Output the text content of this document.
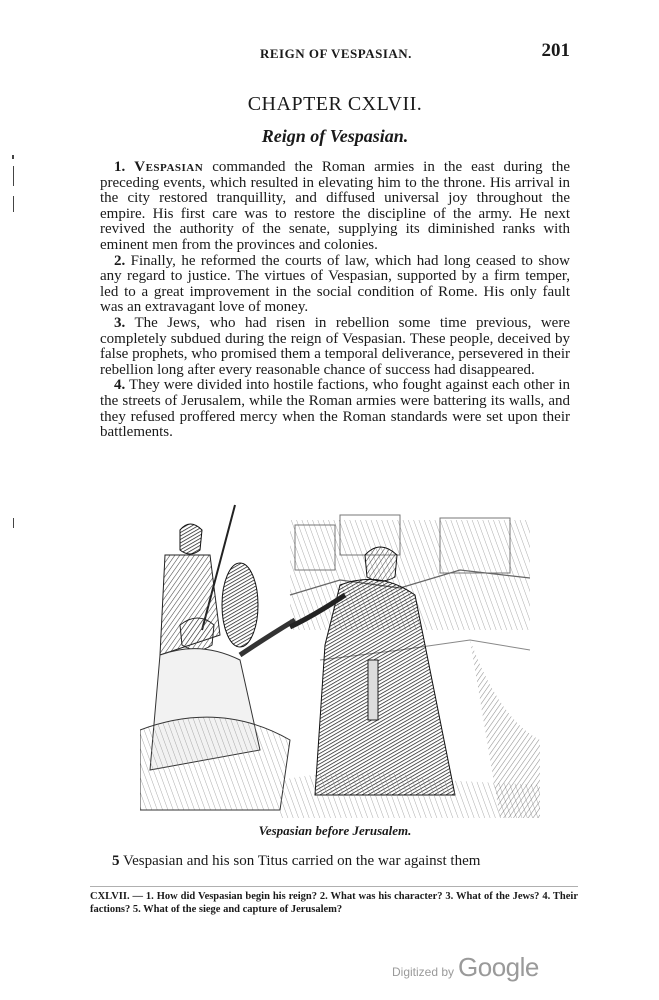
REIGN OF VESPASIAN.	201
CHAPTER CXLVII.
Reign of Vespasian.

1. Vespasian commanded the Roman armies in the east during the preceding events, which resulted in elevating him to the throne. His arrival in the city restored tranquillity, and diffused universal joy throughout the empire. His first care was to restore the discipline of the army. He next revived the authority of the senate, supplying its diminished ranks with eminent men from the provinces and colonies.

2. Finally, he reformed the courts of law, which had long ceased to show any regard to justice. The virtues of Vespasian, supported by a firm temper, led to a great improvement in the social condition of Rome. His only fault was an extravagant love of money.

3. The Jews, who had risen in rebellion some time previous, were completely subdued during the reign of Vespasian. These people, deceived by false prophets, who promised them a temporal deliverance, persevered in their rebellion long after every reasonable chance of success had disappeared.

4. They were divided into hostile factions, who fought against each other in the streets of Jerusalem, while the Roman armies were battering its walls, and they refused proffered mercy when the Roman standards were set upon their battlements.

Vespasian before Jerusalem.
5 Vespasian and his son Titus carried on the war against them
CXLVII. — 1. How did Vespasian begin his reign? 2. What was his character? 3. What of the Jews? 4. Their factions? 5. What of the siege and capture of Jerusalem?
Digitized by Google
